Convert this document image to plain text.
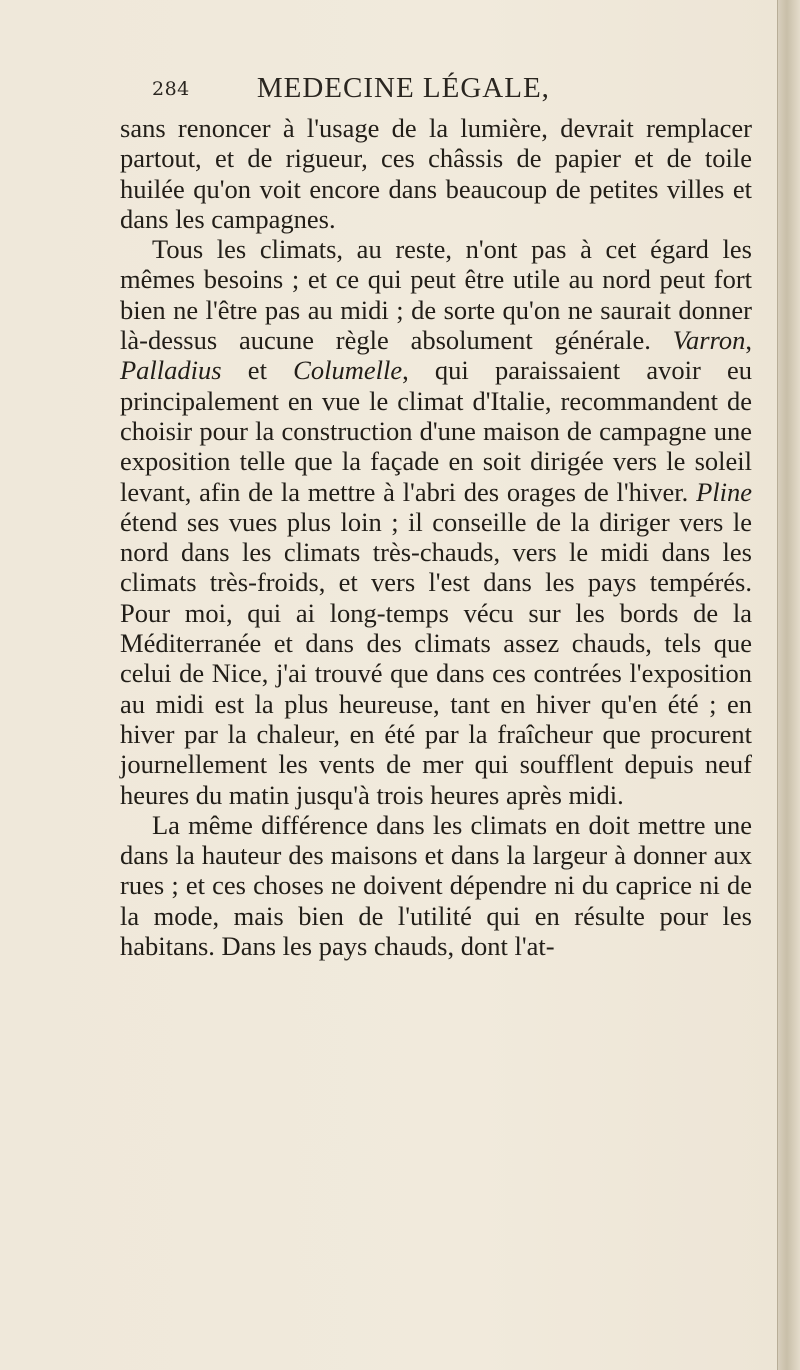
284 MEDECINE LÉGALE,

sans renoncer à l'usage de la lumière, devrait remplacer partout, et de rigueur, ces châssis de papier et de toile huilée qu'on voit encore dans beaucoup de petites villes et dans les campagnes.

Tous les climats, au reste, n'ont pas à cet égard les mêmes besoins ; et ce qui peut être utile au nord peut fort bien ne l'être pas au midi ; de sorte qu'on ne saurait donner là-dessus aucune règle absolument générale. Varron, Palladius et Columelle, qui paraissaient avoir eu principalement en vue le climat d'Italie, recommandent de choisir pour la construction d'une maison de campagne une exposition telle que la façade en soit dirigée vers le soleil levant, afin de la mettre à l'abri des orages de l'hiver. Pline étend ses vues plus loin ; il conseille de la diriger vers le nord dans les climats très-chauds, vers le midi dans les climats très-froids, et vers l'est dans les pays tempérés. Pour moi, qui ai long-temps vécu sur les bords de la Méditerranée et dans des climats assez chauds, tels que celui de Nice, j'ai trouvé que dans ces contrées l'exposition au midi est la plus heureuse, tant en hiver qu'en été ; en hiver par la chaleur, en été par la fraîcheur que procurent journellement les vents de mer qui soufflent depuis neuf heures du matin jusqu'à trois heures après midi.

La même différence dans les climats en doit mettre une dans la hauteur des maisons et dans la largeur à donner aux rues ; et ces choses ne doivent dépendre ni du caprice ni de la mode, mais bien de l'utilité qui en résulte pour les habitans. Dans les pays chauds, dont l'at-
